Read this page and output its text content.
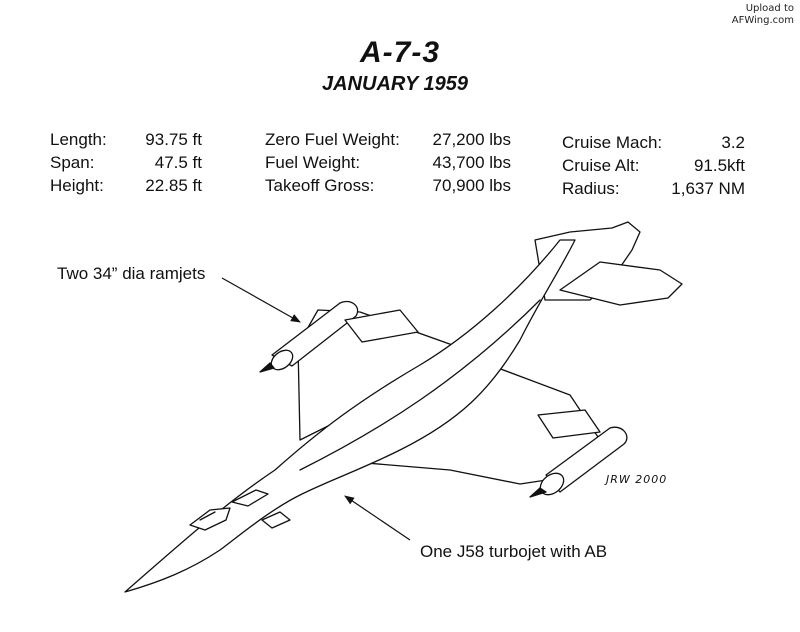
Upload to
AFWing.com
A-7-3
JANUARY 1959
Length: 93.75 ft
Span:	47.5 ft
Height: 22.85 ft
Zero Fuel Weight: 27,200 lbs
Fuel Weight:	43,700 lbs
Takeoff Gross:	70,900 lbs
Cruise Mach:	3.2
Cruise Alt:	91.5kft
Radius:	1,637 NM
Two 34” dia ramjets
One J58 turbojet with AB
JRW 2000
